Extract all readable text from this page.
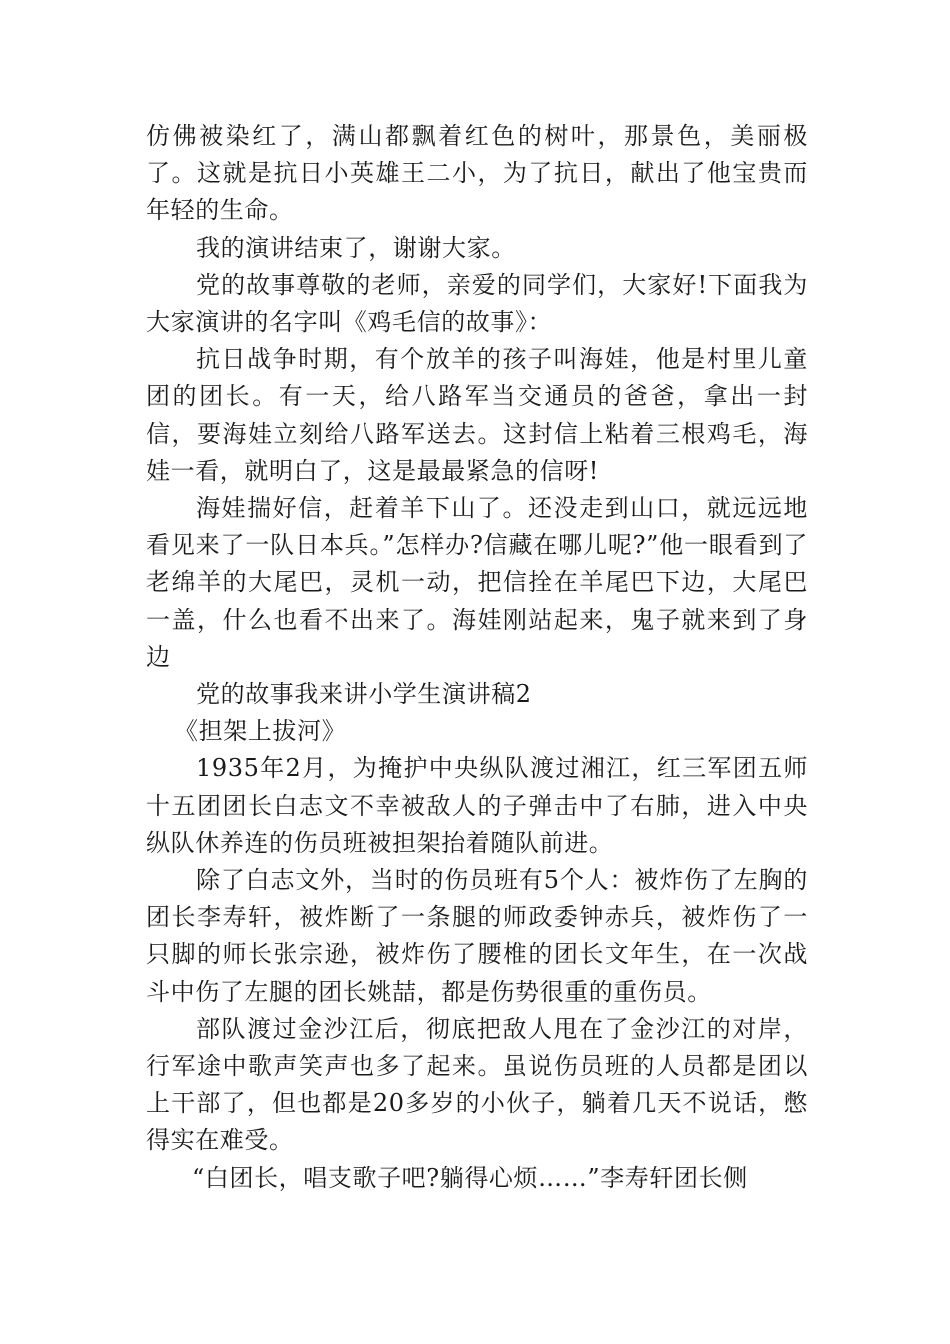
仿佛被染红了，满山都飘着红色的树叶，那景色，美丽极了。这就是抗日小英雄王二小，为了抗日，献出了他宝贵而年轻的生命。

我的演讲结束了，谢谢大家。

党的故事尊敬的老师，亲爱的同学们，大家好!下面我为大家演讲的名字叫《鸡毛信的故事》：

抗日战争时期，有个放羊的孩子叫海娃，他是村里儿童团的团长。有一天，给八路军当交通员的爸爸，拿出一封信，要海娃立刻给八路军送去。这封信上粘着三根鸡毛，海娃一看，就明白了，这是最最紧急的信呀!

海娃揣好信，赶着羊下山了。还没走到山口，就远远地看见来了一队日本兵。”怎样办?信藏在哪儿呢?”他一眼看到了老绵羊的大尾巴，灵机一动，把信拴在羊尾巴下边，大尾巴一盖，什么也看不出来了。海娃刚站起来，鬼子就来到了身边

党的故事我来讲小学生演讲稿2

《担架上拔河》

1935年2月，为掩护中央纵队渡过湘江，红三军团五师十五团团长白志文不幸被敌人的子弹击中了右肺，进入中央纵队休养连的伤员班被担架抬着随队前进。

除了白志文外，当时的伤员班有5个人：被炸伤了左胸的团长李寿轩，被炸断了一条腿的师政委钟赤兵，被炸伤了一只脚的师长张宗逊，被炸伤了腰椎的团长文年生，在一次战斗中伤了左腿的团长姚喆，都是伤势很重的重伤员。

部队渡过金沙江后，彻底把敌人甩在了金沙江的对岸，行军途中歌声笑声也多了起来。虽说伤员班的人员都是团以上干部了，但也都是20多岁的小伙子，躺着几天不说话，憋得实在难受。

“白团长，唱支歌子吧?躺得心烦……”李寿轩团长侧
